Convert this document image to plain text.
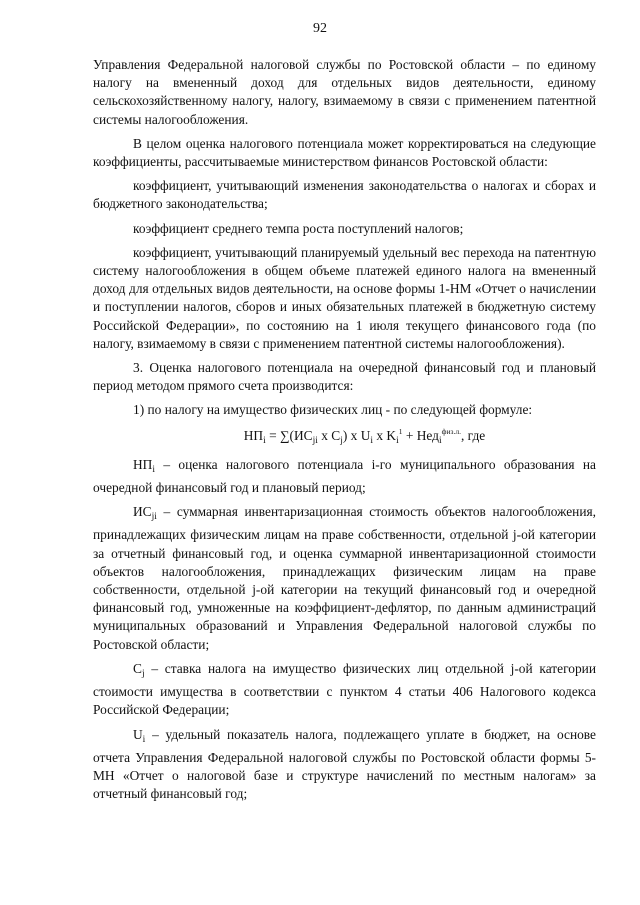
92

Управления Федеральной налоговой службы по Ростовской области – по единому налогу на вмененный доход для отдельных видов деятельности, единому сельскохозяйственному налогу, налогу, взимаемому в связи с применением патентной системы налогообложения.

В целом оценка налогового потенциала может корректироваться на следующие коэффициенты, рассчитываемые министерством финансов Ростовской области:

коэффициент, учитывающий изменения законодательства о налогах и сборах и бюджетного законодательства;

коэффициент среднего темпа роста поступлений налогов;

коэффициент, учитывающий планируемый удельный вес перехода на патентную систему налогообложения в общем объеме платежей единого налога на вмененный доход для отдельных видов деятельности, на основе формы 1-НМ «Отчет о начислении и поступлении налогов, сборов и иных обязательных платежей в бюджетную систему Российской Федерации», по состоянию на 1 июля текущего финансового года (по налогу, взимаемому в связи с применением патентной системы налогообложения).

3. Оценка налогового потенциала на очередной финансовый год и плановый период методом прямого счета производится:

1) по налогу на имущество физических лиц - по следующей формуле:

$НП_i = \sum(ИС_{ji}$ x $C_j$) x $U_i$ x $K_i^1 + Нед_i^{физ.л.}$, где

$НП_i$ – оценка налогового потенциала i-го муниципального образования на очередной финансовый год и плановый период;

$ИС_{ji}$ – суммарная инвентаризационная стоимость объектов налогообложения, принадлежащих физическим лицам на праве собственности, отдельной j-ой категории за отчетный финансовый год, и оценка суммарной инвентаризационной стоимости объектов налогообложения, принадлежащих физическим лицам на праве собственности, отдельной j-ой категории на текущий финансовый год и очередной финансовый год, умноженные на коэффициент-дефлятор, по данным администраций муниципальных образований и Управления Федеральной налоговой службы по Ростовской области;

$C_j$ – ставка налога на имущество физических лиц отдельной j-ой категории стоимости имущества в соответствии с пунктом 4 статьи 406 Налогового кодекса Российской Федерации;

$U_i$ – удельный показатель налога, подлежащего уплате в бюджет, на основе отчета Управления Федеральной налоговой службы по Ростовской области формы 5-МН «Отчет о налоговой базе и структуре начислений по местным налогам» за отчетный финансовый год;
